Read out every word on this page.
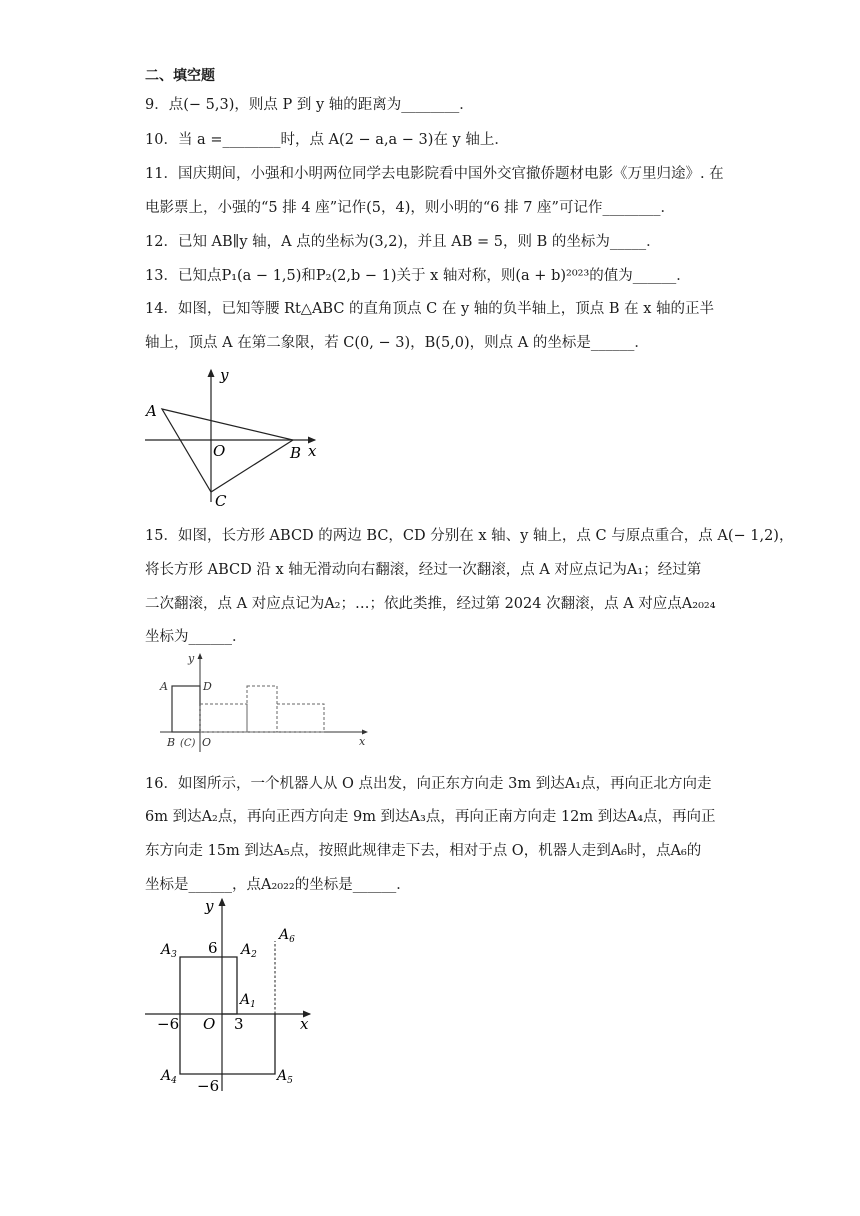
二、填空题
9．点(− 5,3)，则点 P 到 y 轴的距离为________．
10．当 a =________时，点 A(2 − a,a − 3)在 y 轴上．
11．国庆期间，小强和小明两位同学去电影院看中国外交官撤侨题材电影《万里归途》. 在
电影票上，小强的“5 排 4 座”记作(5，4)，则小明的“6 排 7 座”可记作________．
12．已知 AB∥y 轴，A 点的坐标为(3,2)，并且 AB = 5，则 B 的坐标为_____．
13．已知点P₁(a − 1,5)和P₂(2,b − 1)关于 x 轴对称，则(a + b)²⁰²³的值为______．
14．如图，已知等腰 Rt△ABC 的直角顶点 C 在 y 轴的负半轴上，顶点 B 在 x 轴的正半
轴上，顶点 A 在第二象限，若 C(0, − 3)，B(5,0)，则点 A 的坐标是______．
y
x
A
O	B
C
15．如图，长方形 ABCD 的两边 BC，CD 分别在 x 轴、y 轴上，点 C 与原点重合，点 A(− 1,2)，
将长方形 ABCD 沿 x 轴无滑动向右翻滚，经过一次翻滚，点 A 对应点记为A₁；经过第
二次翻滚，点 A 对应点记为A₂；…；依此类推，经过第 2024 次翻滚，点 A 对应点A₂₀₂₄
坐标为______．
y
x
A	D
B (C) O
16．如图所示，一个机器人从 O 点出发，向正东方向走 3m 到达A₁点，再向正北方向走
6m 到达A₂点，再向正西方向走 9m 到达A₃点，再向正南方向走 12m 到达A₄点，再向正
东方向走 15m 到达A₅点，按照此规律走下去，相对于点 O，机器人走到A₆时，点A₆的
坐标是______，点A₂₀₂₂的坐标是______．
y
x
O
6
−6	3
−6
$A_1$
$A_2$
$A_3$
$A_4$	$A_5$
$A_6$
